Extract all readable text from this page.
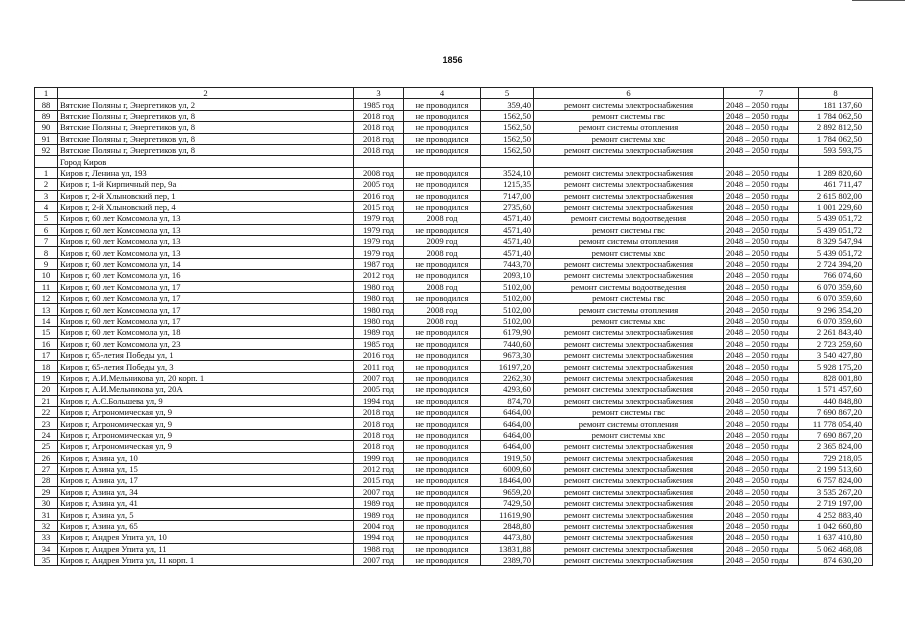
1856
1	2	3	4	5	6	7	8
88	Вятские Поляны г, Энергетиков ул, 2	1985 год	не проводился	359,40	ремонт системы электроснабжения	2048 – 2050 годы	181 137,60
89	Вятские Поляны г, Энергетиков ул, 8	2018 год	не проводился	1562,50	ремонт системы гвс	2048 – 2050 годы	1 784 062,50
90	Вятские Поляны г, Энергетиков ул, 8	2018 год	не проводился	1562,50	ремонт системы отопления	2048 – 2050 годы	2 892 812,50
91	Вятские Поляны г, Энергетиков ул, 8	2018 год	не проводился	1562,50	ремонт системы хвс	2048 – 2050 годы	1 784 062,50
92	Вятские Поляны г, Энергетиков ул, 8	2018 год	не проводился	1562,50	ремонт системы электроснабжения	2048 – 2050 годы	593 593,75
	Город Киров						
1	Киров г, Ленина ул, 193	2008 год	не проводился	3524,10	ремонт системы электроснабжения	2048 – 2050 годы	1 289 820,60
2	Киров г, 1-й Кирпичный пер, 9а	2005 год	не проводился	1215,35	ремонт системы электроснабжения	2048 – 2050 годы	461 711,47
3	Киров г, 2-й Хлыновский пер, 1	2016 год	не проводился	7147,00	ремонт системы электроснабжения	2048 – 2050 годы	2 615 802,00
4	Киров г, 2-й Хлыновский пер, 4	2015 год	не проводился	2735,60	ремонт системы электроснабжения	2048 – 2050 годы	1 001 229,60
5	Киров г, 60 лет Комсомола ул, 13	1979 год	2008 год	4571,40	ремонт системы водоотведения	2048 – 2050 годы	5 439 051,72
6	Киров г, 60 лет Комсомола ул, 13	1979 год	не проводился	4571,40	ремонт системы гвс	2048 – 2050 годы	5 439 051,72
7	Киров г, 60 лет Комсомола ул, 13	1979 год	2009 год	4571,40	ремонт системы отопления	2048 – 2050 годы	8 329 547,94
8	Киров г, 60 лет Комсомола ул, 13	1979 год	2008 год	4571,40	ремонт системы хвс	2048 – 2050 годы	5 439 051,72
9	Киров г, 60 лет Комсомола ул, 14	1987 год	не проводился	7443,70	ремонт системы электроснабжения	2048 – 2050 годы	2 724 394,20
10	Киров г, 60 лет Комсомола ул, 16	2012 год	не проводился	2093,10	ремонт системы электроснабжения	2048 – 2050 годы	766 074,60
11	Киров г, 60 лет Комсомола ул, 17	1980 год	2008 год	5102,00	ремонт системы водоотведения	2048 – 2050 годы	6 070 359,60
12	Киров г, 60 лет Комсомола ул, 17	1980 год	не проводился	5102,00	ремонт системы гвс	2048 – 2050 годы	6 070 359,60
13	Киров г, 60 лет Комсомола ул, 17	1980 год	2008 год	5102,00	ремонт системы отопления	2048 – 2050 годы	9 296 354,20
14	Киров г, 60 лет Комсомола ул, 17	1980 год	2008 год	5102,00	ремонт системы хвс	2048 – 2050 годы	6 070 359,60
15	Киров г, 60 лет Комсомола ул, 18	1989 год	не проводился	6179,90	ремонт системы электроснабжения	2048 – 2050 годы	2 261 843,40
16	Киров г, 60 лет Комсомола ул, 23	1985 год	не проводился	7440,60	ремонт системы электроснабжения	2048 – 2050 годы	2 723 259,60
17	Киров г, 65-летия Победы ул, 1	2016 год	не проводился	9673,30	ремонт системы электроснабжения	2048 – 2050 годы	3 540 427,80
18	Киров г, 65-летия Победы ул, 3	2011 год	не проводился	16197,20	ремонт системы электроснабжения	2048 – 2050 годы	5 928 175,20
19	Киров г, А.И.Мельникова ул, 20 корп. 1	2007 год	не проводился	2262,30	ремонт системы электроснабжения	2048 – 2050 годы	828 001,80
20	Киров г, А.И.Мельникова ул, 20А	2005 год	не проводился	4293,60	ремонт системы электроснабжения	2048 – 2050 годы	1 571 457,60
21	Киров г, А.С.Большева ул, 9	1994 год	не проводился	874,70	ремонт системы электроснабжения	2048 – 2050 годы	440 848,80
22	Киров г, Агрономическая ул, 9	2018 год	не проводился	6464,00	ремонт системы гвс	2048 – 2050 годы	7 690 867,20
23	Киров г, Агрономическая ул, 9	2018 год	не проводился	6464,00	ремонт системы отопления	2048 – 2050 годы	11 778 054,40
24	Киров г, Агрономическая ул, 9	2018 год	не проводился	6464,00	ремонт системы хвс	2048 – 2050 годы	7 690 867,20
25	Киров г, Агрономическая ул, 9	2018 год	не проводился	6464,00	ремонт системы электроснабжения	2048 – 2050 годы	2 365 824,00
26	Киров г, Азина ул, 10	1999 год	не проводился	1919,50	ремонт системы электроснабжения	2048 – 2050 годы	729 218,05
27	Киров г, Азина ул, 15	2012 год	не проводился	6009,60	ремонт системы электроснабжения	2048 – 2050 годы	2 199 513,60
28	Киров г, Азина ул, 17	2015 год	не проводился	18464,00	ремонт системы электроснабжения	2048 – 2050 годы	6 757 824,00
29	Киров г, Азина ул, 34	2007 год	не проводился	9659,20	ремонт системы электроснабжения	2048 – 2050 годы	3 535 267,20
30	Киров г, Азина ул, 41	1989 год	не проводился	7429,50	ремонт системы электроснабжения	2048 – 2050 годы	2 719 197,00
31	Киров г, Азина ул, 5	1989 год	не проводился	11619,90	ремонт системы электроснабжения	2048 – 2050 годы	4 252 883,40
32	Киров г, Азина ул, 65	2004 год	не проводился	2848,80	ремонт системы электроснабжения	2048 – 2050 годы	1 042 660,80
33	Киров г, Андрея Упита ул, 10	1994 год	не проводился	4473,80	ремонт системы электроснабжения	2048 – 2050 годы	1 637 410,80
34	Киров г, Андрея Упита ул, 11	1988 год	не проводился	13831,88	ремонт системы электроснабжения	2048 – 2050 годы	5 062 468,08
35	Киров г, Андрея Упита ул, 11 корп. 1	2007 год	не проводился	2389,70	ремонт системы электроснабжения	2048 – 2050 годы	874 630,20
